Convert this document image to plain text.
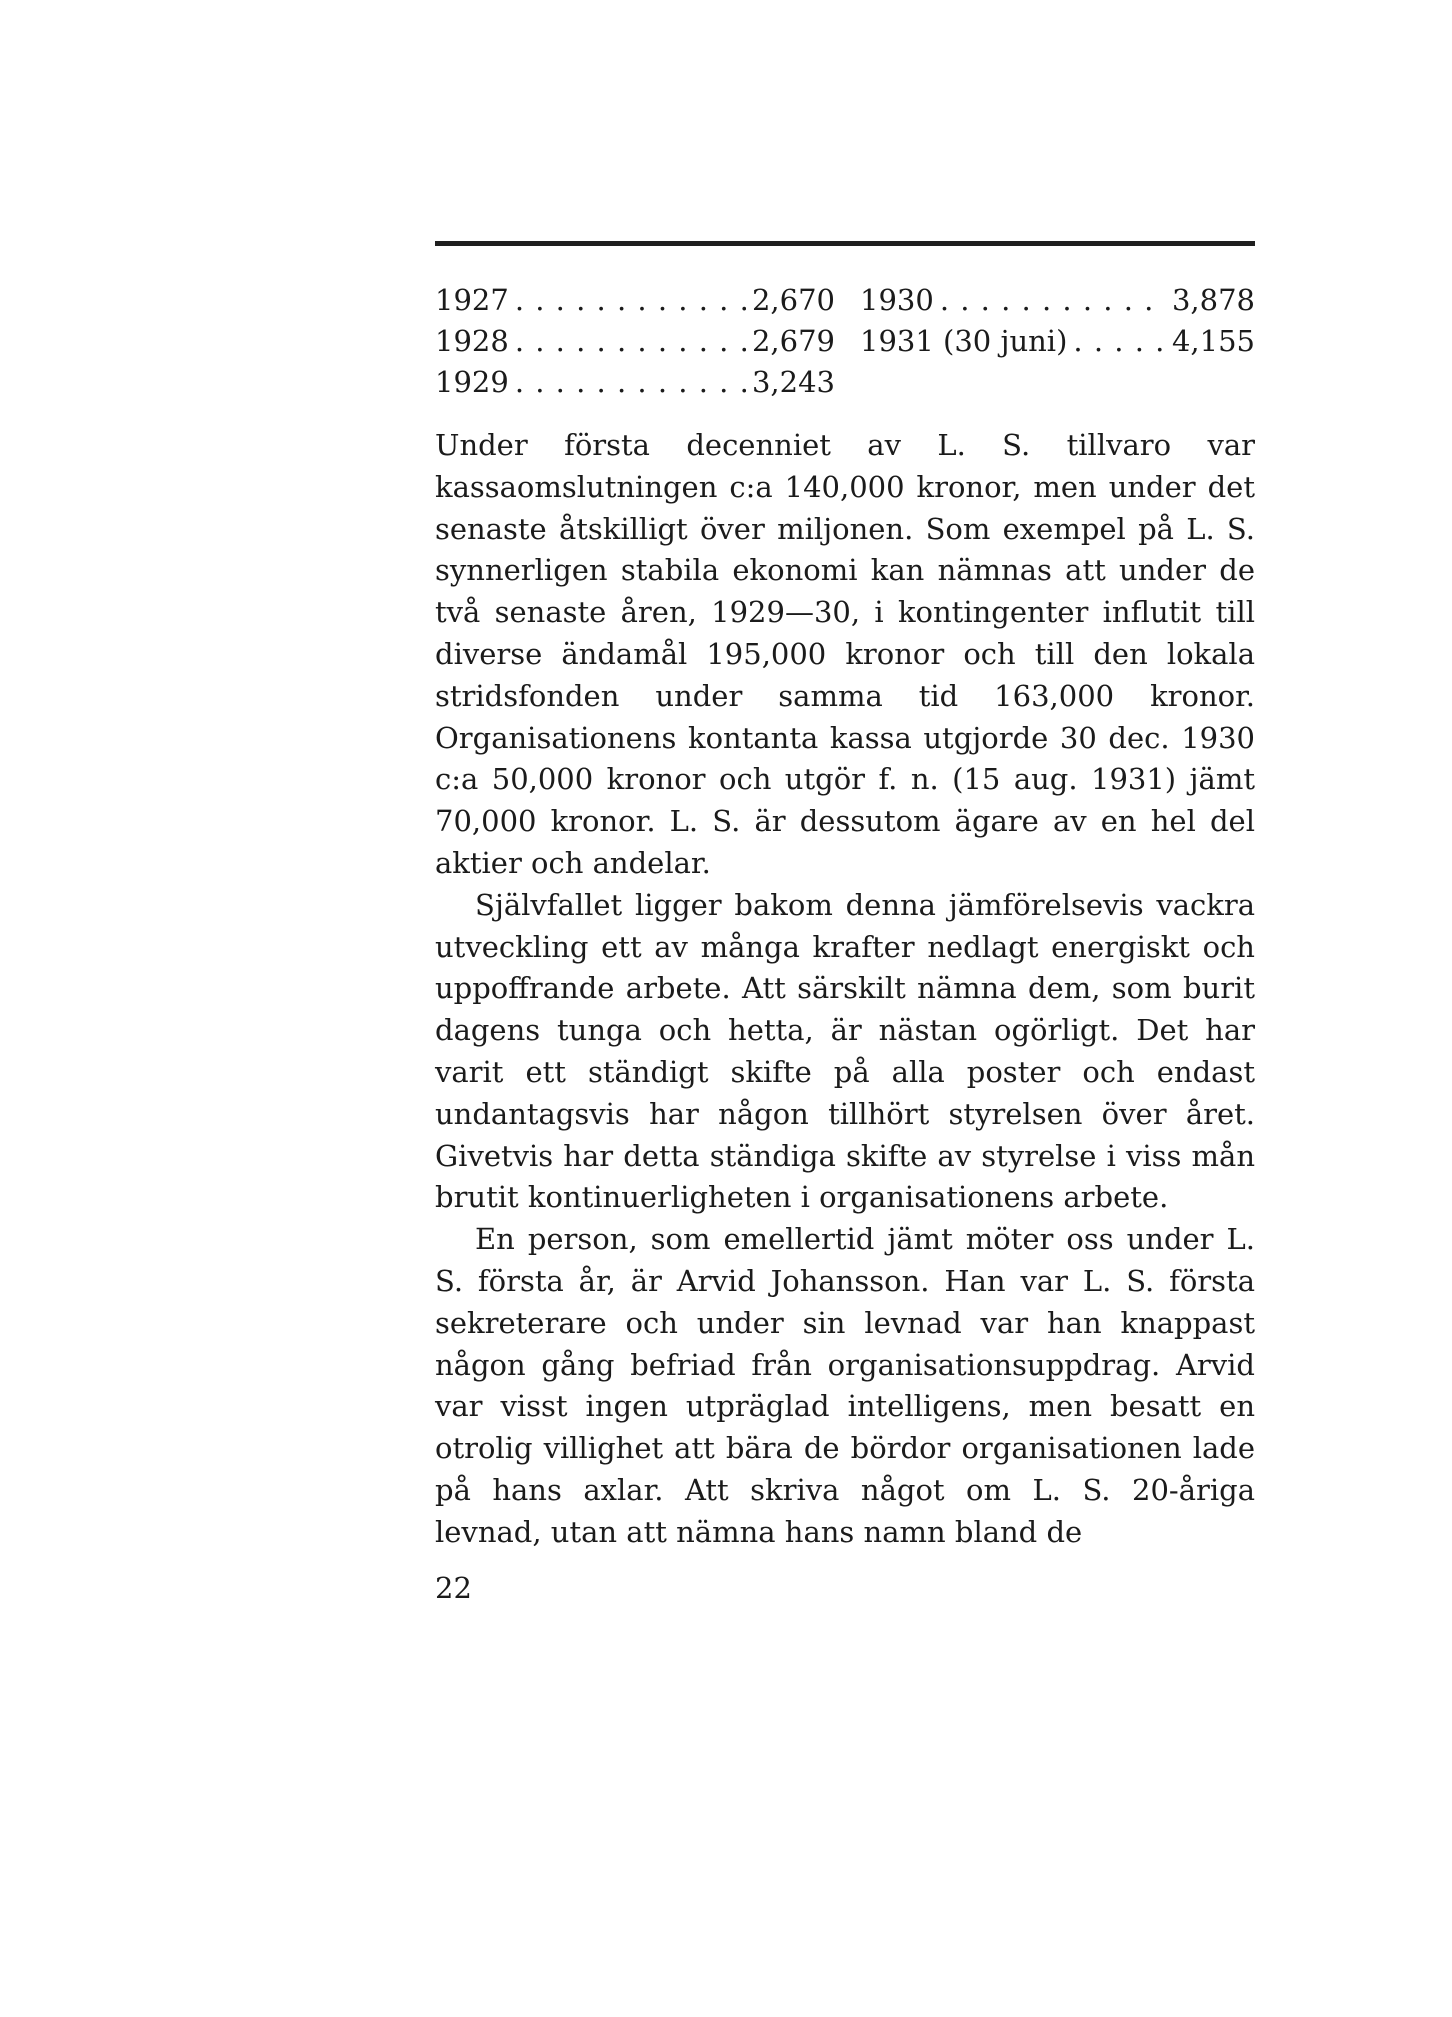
1927 . . .	2,670 1930 . . .	3,878
1928 . . .	2,679 1931 (30 juni) . . .	4,155
1929 . . .	3,243

Under första decenniet av L. S. tillvaro var kassaomslutningen c:a 140,000 kronor, men under det senaste åtskilligt över miljonen. Som exempel på L. S. synnerligen stabila ekonomi kan nämnas att under de två senaste åren, 1929—30, i kontingenter influtit till diverse ändamål 195,000 kronor och till den lokala stridsfonden under samma tid 163,000 kronor. Organisationens kontanta kassa utgjorde 30 dec. 1930 c:a 50,000 kronor och utgör f. n. (15 aug. 1931) jämt 70,000 kronor. L. S. är dessutom ägare av en hel del aktier och andelar.

Självfallet ligger bakom denna jämförelsevis vackra utveckling ett av många krafter nedlagt energiskt och uppoffrande arbete. Att särskilt nämna dem, som burit dagens tunga och hetta, är nästan ogörligt. Det har varit ett ständigt skifte på alla poster och endast undantagsvis har någon tillhört styrelsen över året. Givetvis har detta ständiga skifte av styrelse i viss mån brutit kontinuerligheten i organisationens arbete.

En person, som emellertid jämt möter oss under L. S. första år, är Arvid Johansson. Han var L. S. första sekreterare och under sin levnad var han knappast någon gång befriad från organisationsuppdrag. Arvid var visst ingen utpräglad intelligens, men besatt en otrolig villighet att bära de bördor organisationen lade på hans axlar. Att skriva något om L. S. 20-åriga levnad, utan att nämna hans namn bland de

22
